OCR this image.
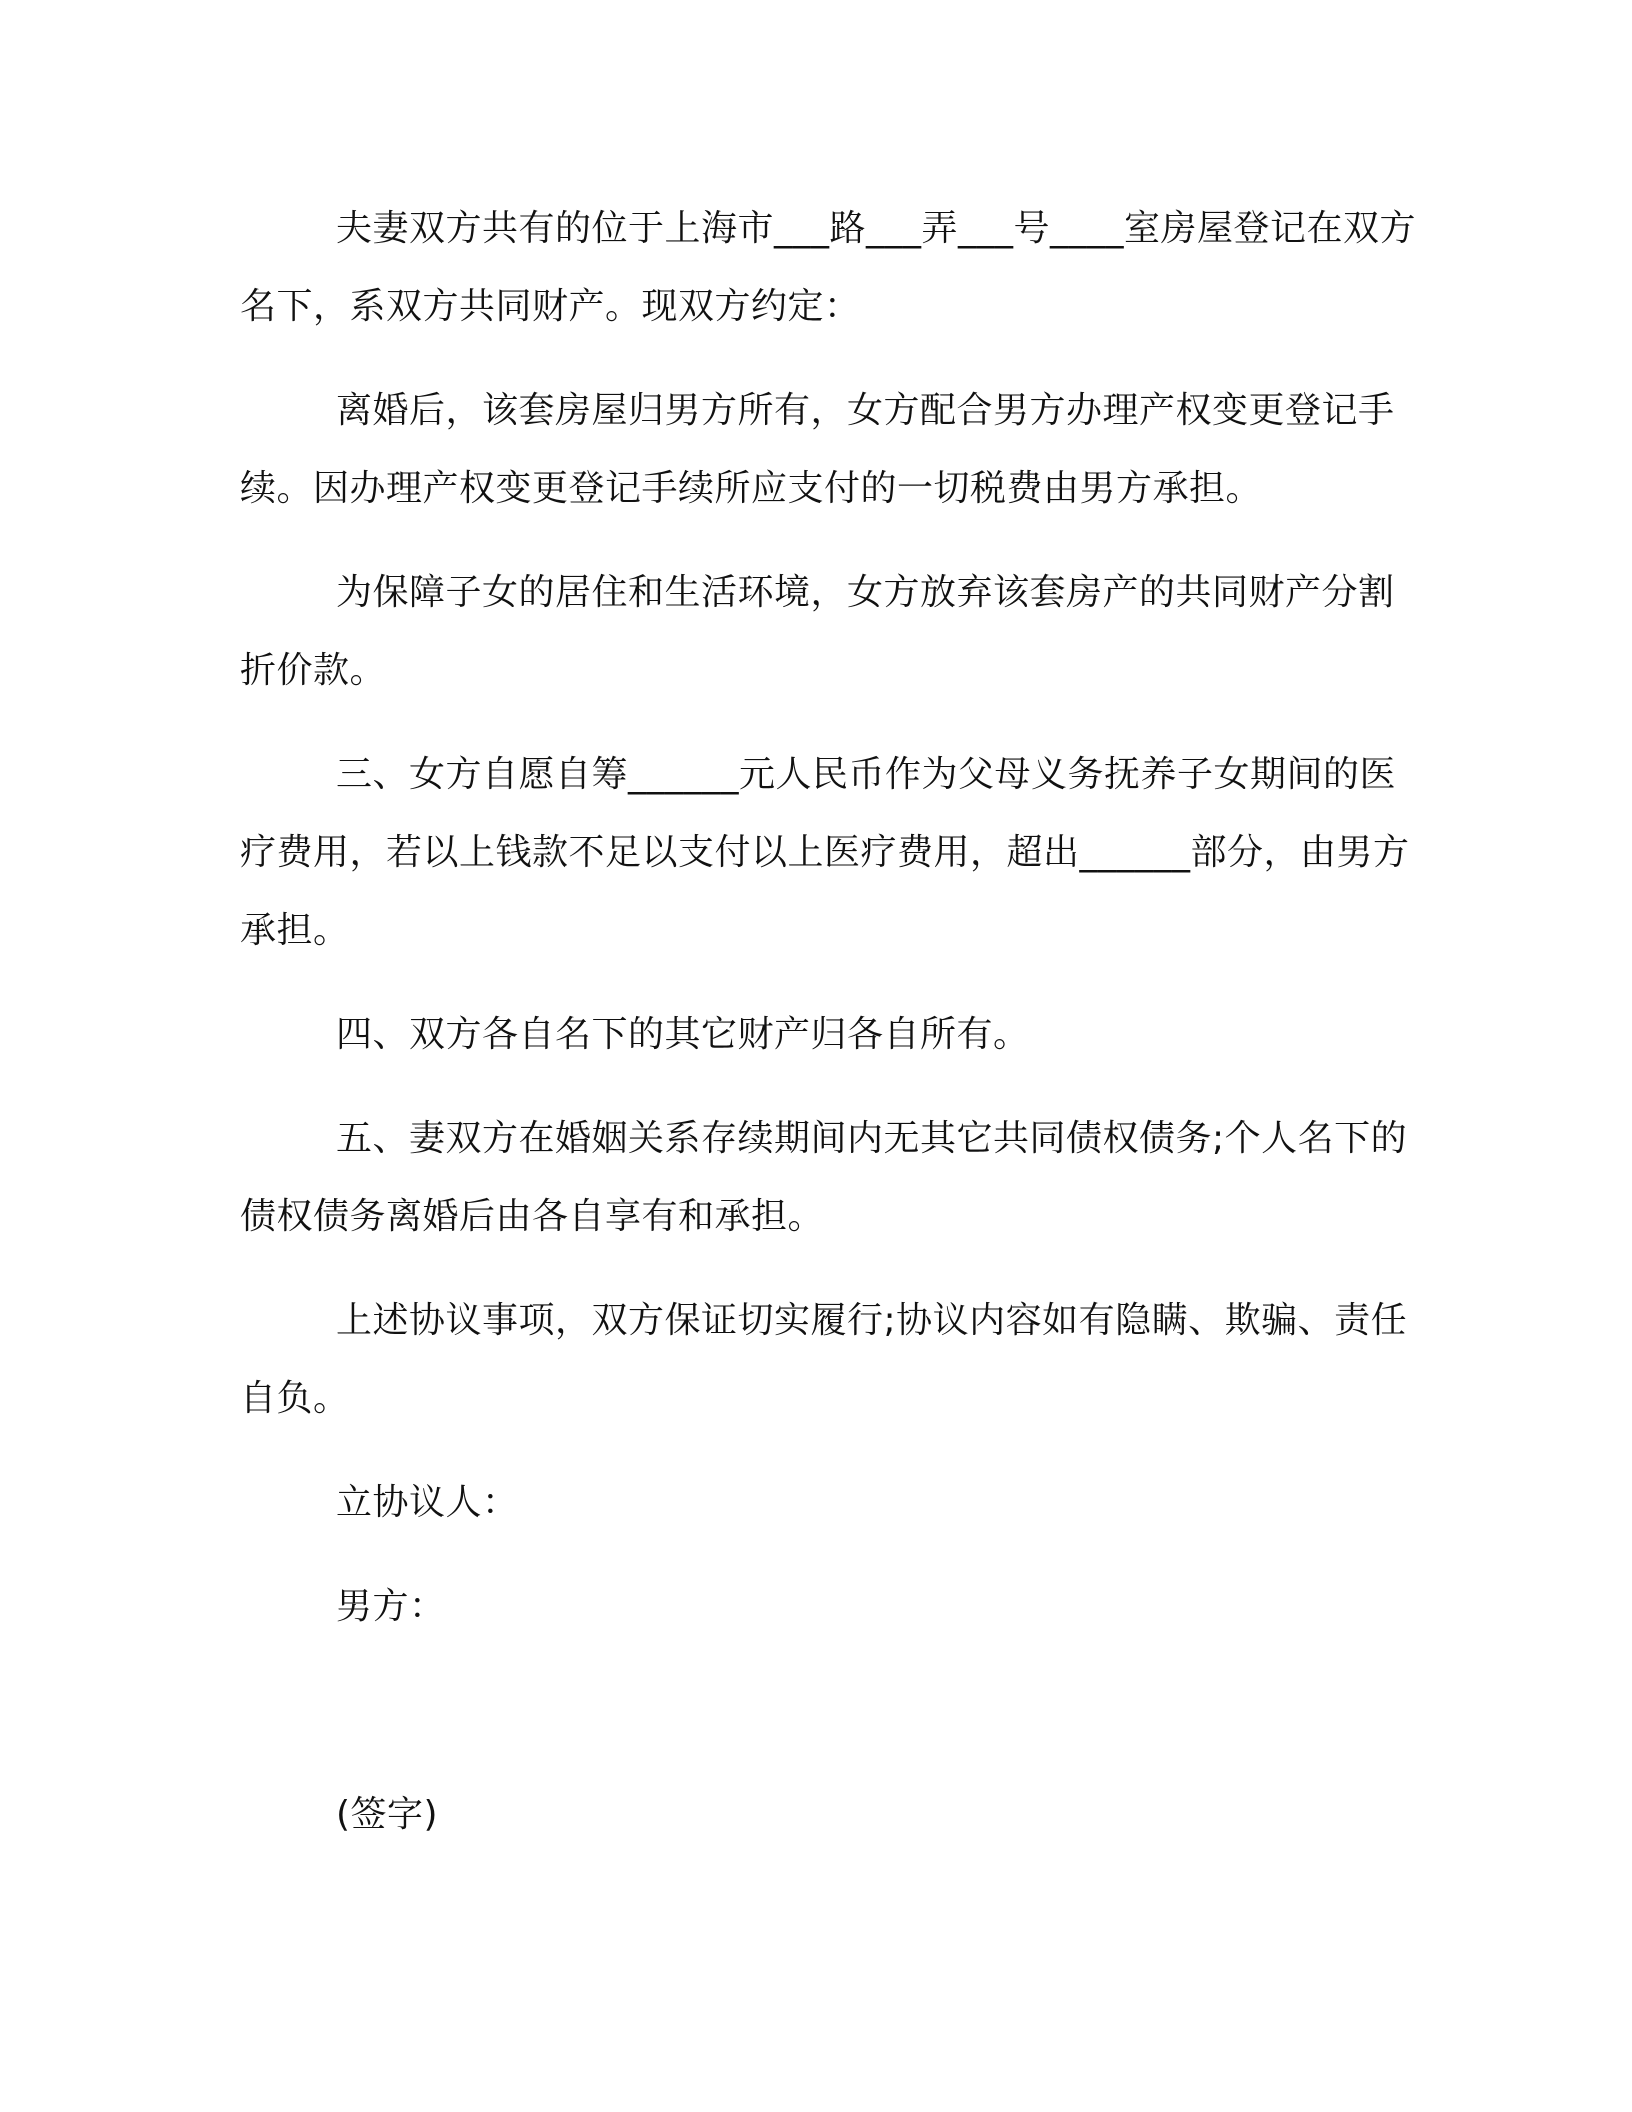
夫妻双方共有的位于上海市___路___弄___号____室房屋登记在双方名下，系双方共同财产。现双方约定：

离婚后，该套房屋归男方所有，女方配合男方办理产权变更登记手续。因办理产权变更登记手续所应支付的一切税费由男方承担。

为保障子女的居住和生活环境，女方放弃该套房产的共同财产分割折价款。

三、女方自愿自筹______元人民币作为父母义务抚养子女期间的医疗费用，若以上钱款不足以支付以上医疗费用，超出______部分，由男方承担。

四、双方各自名下的其它财产归各自所有。

五、妻双方在婚姻关系存续期间内无其它共同债权债务;个人名下的债权债务离婚后由各自享有和承担。

上述协议事项，双方保证切实履行;协议内容如有隐瞒、欺骗、责任自负。

立协议人：

男方：

(签字)
